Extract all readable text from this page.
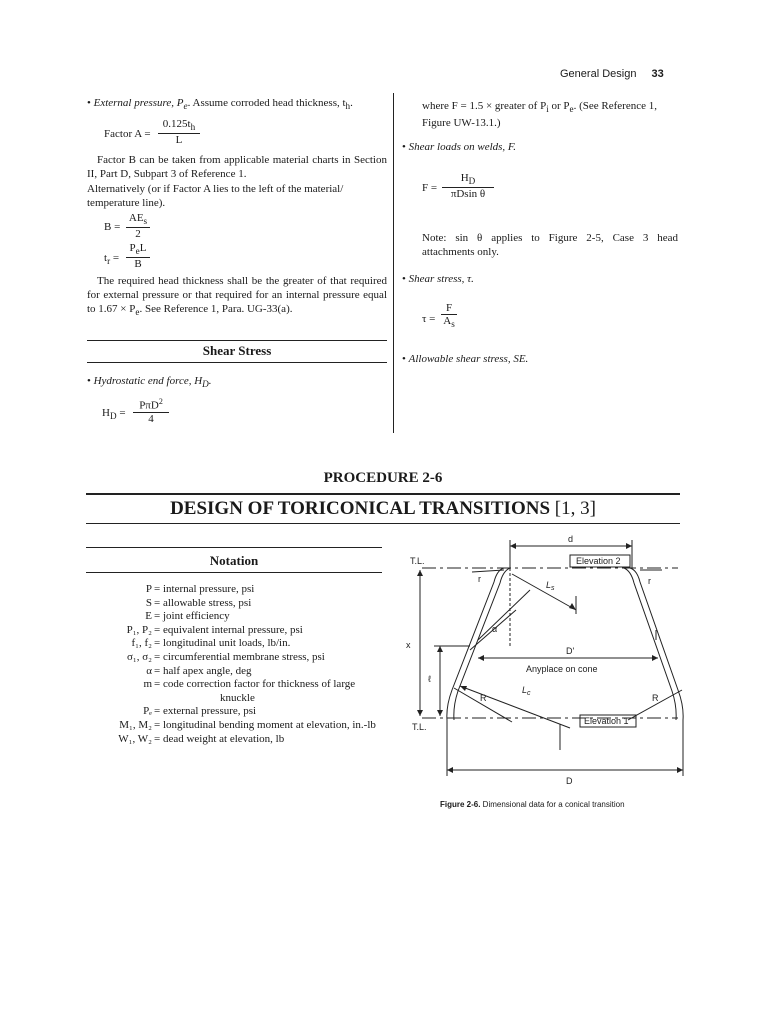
General Design 33
• External pressure, $P_e$. Assume corroded head thickness, $t_h$.
Factor $A = \frac{0.125t_h}{L}$
Factor B can be taken from applicable material charts in Section II, Part D, Subpart 3 of Reference 1.
Alternatively (or if Factor A lies to the left of the material/ temperature line).
B =
$AE_s$
2
$t_r$ =
$P_eL$
B
The required head thickness shall be the greater of that required for external pressure or that required for an internal pressure equal to $1.67 \times P_e$. See Reference 1, Para. UG-33(a).
Shear Stress
• Hydrostatic end force, $H_D$.
$H_D$ =
PπD$^2$
4
where F = 1.5 × greater of $P_i$ or $P_e$. (See Reference 1, Figure UW-13.1.)
• Shear loads on welds, F.
$F = \frac{H_D}{\text{πDsin θ}}$
Note: sin θ applies to Figure 2-5, Case 3 head attachments only.
• Shear stress, τ.
$\tau = \frac{F}{A_s}$
• Allowable shear stress, SE.
PROCEDURE 2-6
DESIGN OF TORICONICAL TRANSITIONS [1, 3]
Notation
P = internal pressure, psi
S = allowable stress, psi
E = joint efficiency
P₁, P₂ = equivalent internal pressure, psi
f₁, f₂ = longitudinal unit loads, lb/in.
σ₁, σ₂ = circumferential membrane stress, psi
α = half apex angle, deg
m = code correction factor for thickness of large
knuckle
Pₑ = external pressure, psi
M₁, M₂ = longitudinal bending moment at elevation, in.-lb
W₁, W₂ = dead weight at elevation, lb
d
T.L.	Elevation 2
r	r
$L_s$
α
x
ℓ
D'
Anyplace on cone
R	R
$L_c$
T.L.
Elevation 1
D
Figure 2-6. Dimensional data for a conical transition
